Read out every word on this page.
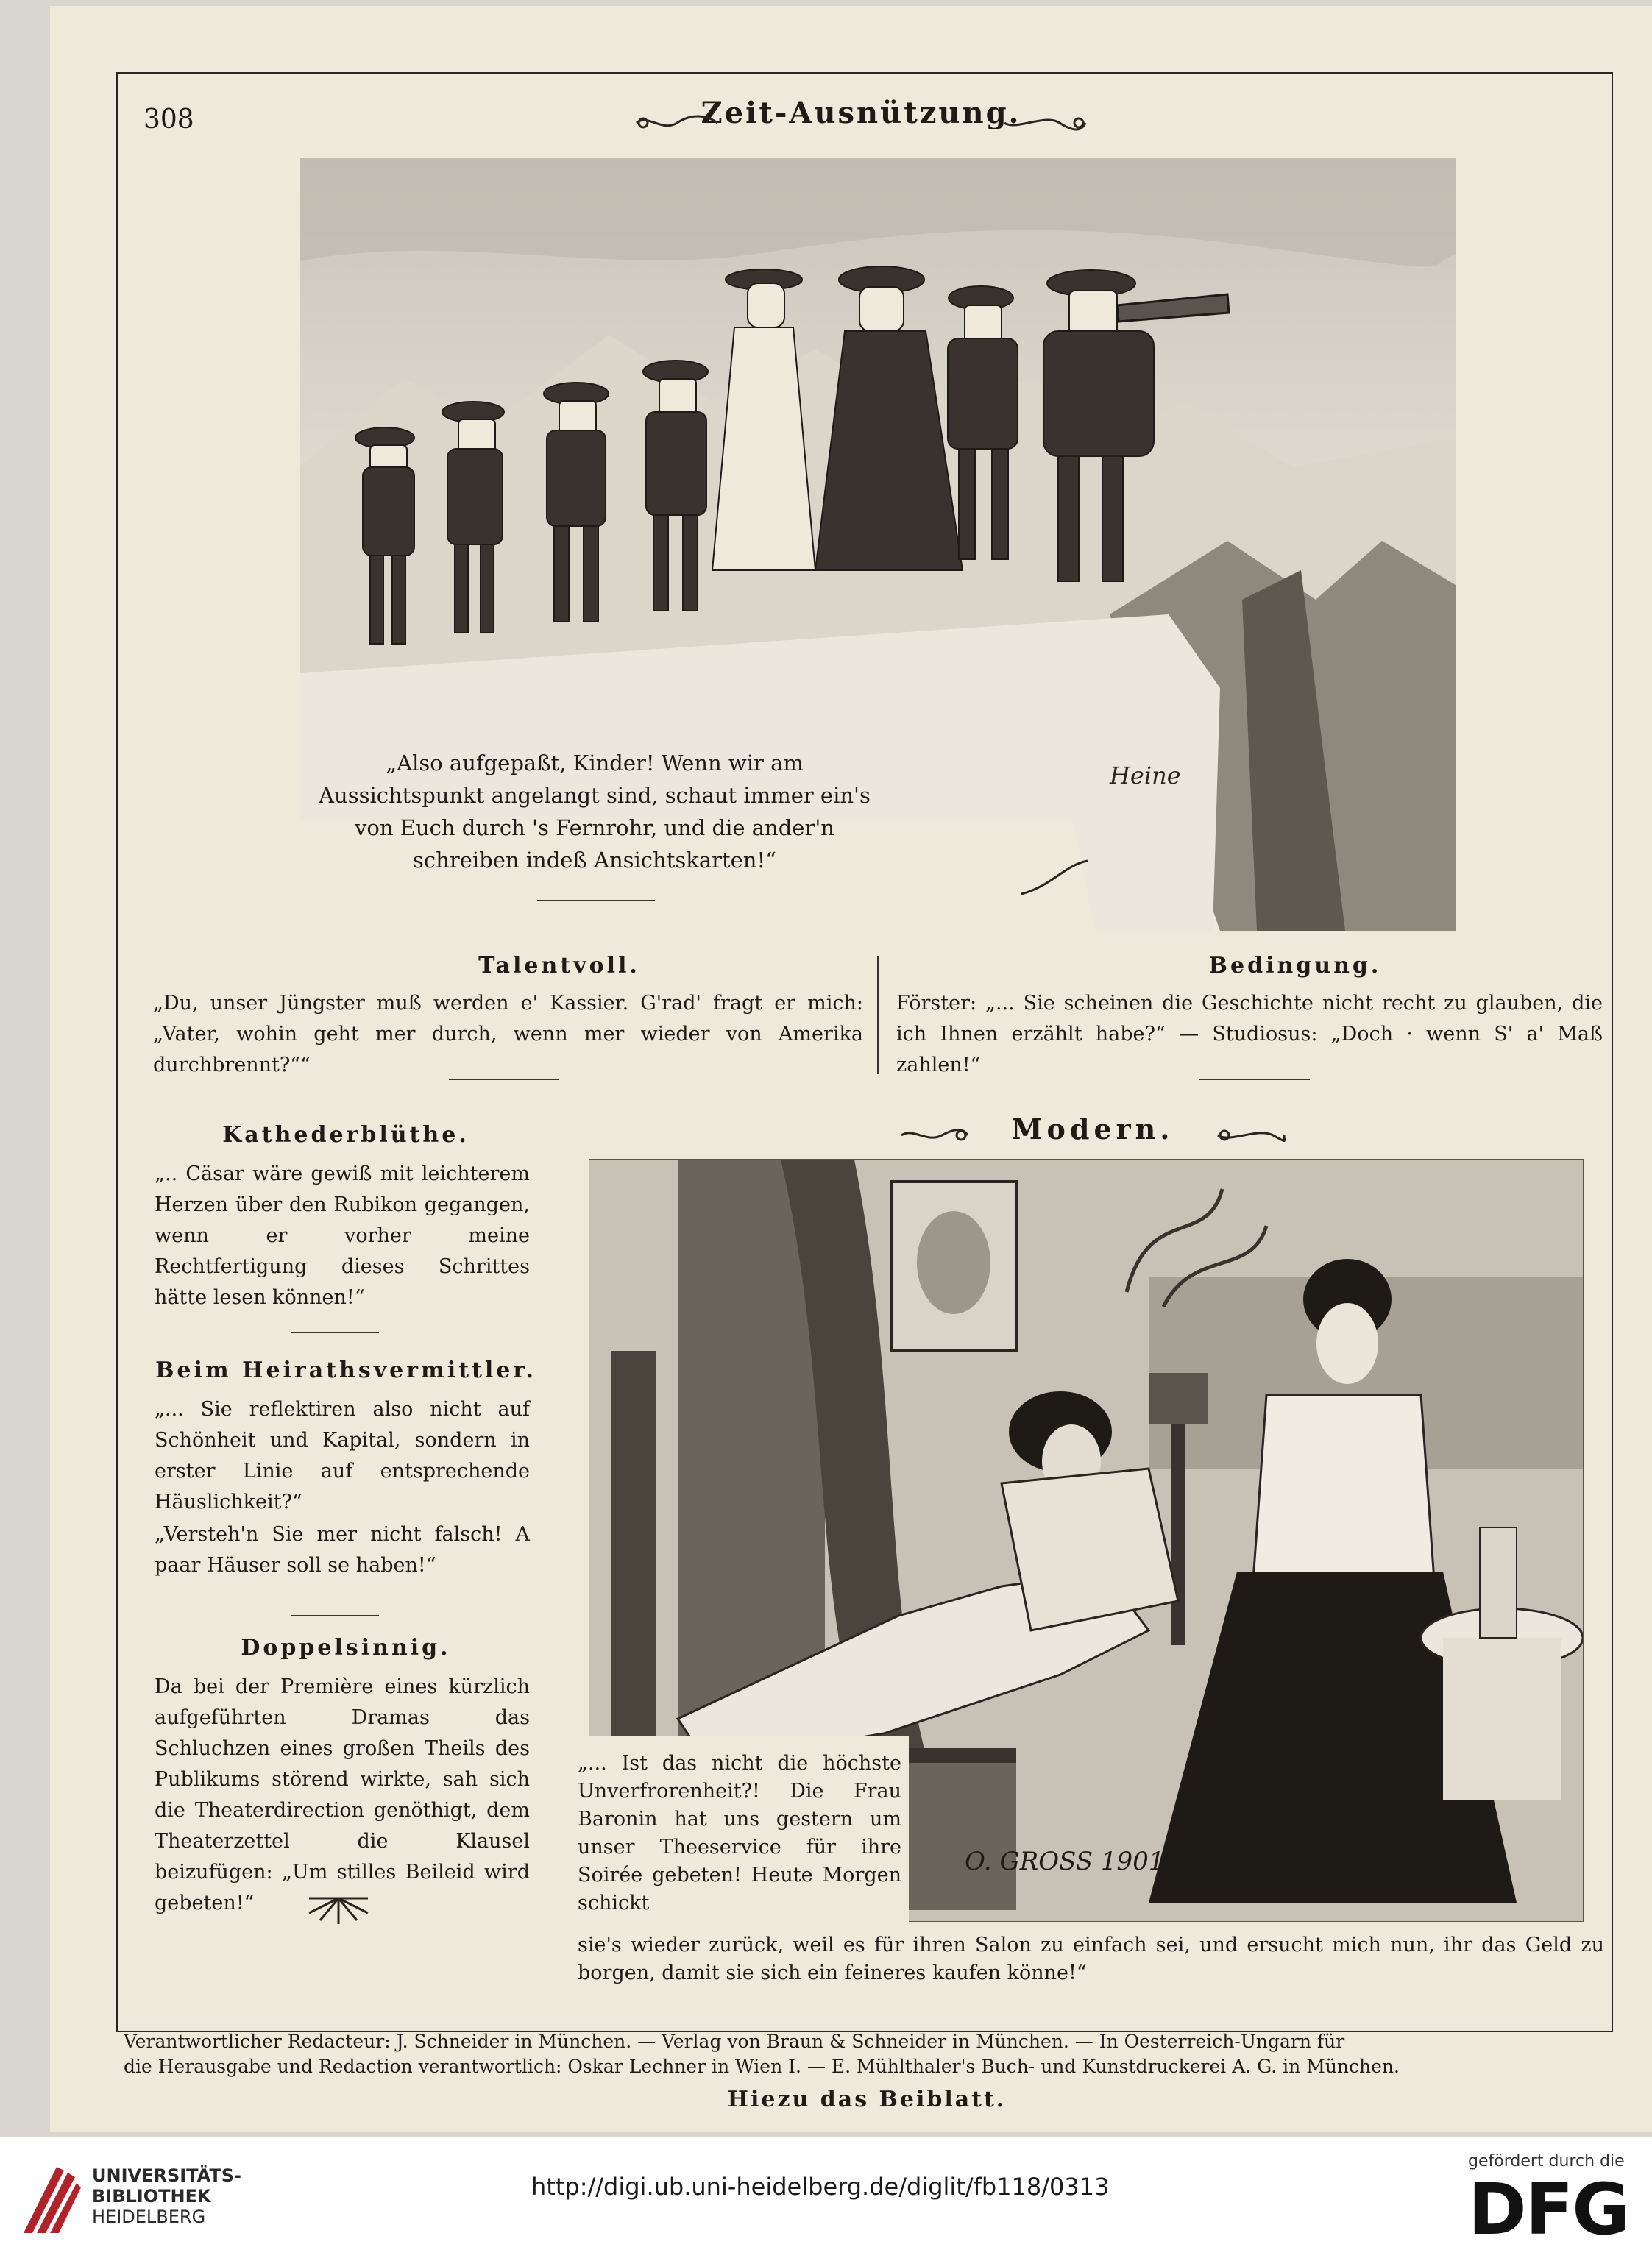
308	Zeit-Ausnützung.
Heine
„Also aufgepaßt, Kinder! Wenn wir am Aussichtspunkt angelangt sind, schaut immer ein's von Euch durch 's Fernrohr, und die ander'n schreiben indeß Ansichtskarten!“
Talentvoll.
„Du, unser Jüngster muß werden e' Kassier. G'rad' fragt er mich: „Vater, wohin geht mer durch, wenn mer wieder von Amerika durchbrennt?““
Bedingung.
Förster: „... Sie scheinen die Geschichte nicht recht zu glauben, die ich Ihnen erzählt habe?“ — Studiosus: „Doch · wenn S' a' Maß zahlen!“
Kathederblüthe.
„.. Cäsar wäre gewiß mit leichterem Herzen über den Rubikon gegangen, wenn er vorher meine Rechtfertigung dieses Schrittes hätte lesen können!“
Beim Heirathsvermittler.
„... Sie reflektiren also nicht auf Schönheit und Kapital, sondern in erster Linie auf entsprechende Häuslichkeit?“
„Versteh'n Sie mer nicht falsch! A paar Häuser soll se haben!“
Doppelsinnig.
Da bei der Première eines kürzlich aufgeführten Dramas das Schluchzen eines großen Theils des Publikums störend wirkte, sah sich die Theaterdirection genöthigt, dem Theaterzettel die Klausel beizufügen: „Um stilles Beileid wird gebeten!“
Modern.
O. GROSS 1901
„... Ist das nicht die höchste Unverfrorenheit?! Die Frau Baronin hat uns gestern um unser Theeservice für ihre Soirée gebeten! Heute Morgen schickt
sie's wieder zurück, weil es für ihren Salon zu einfach sei, und ersucht mich nun, ihr das Geld zu borgen, damit sie sich ein feineres kaufen könne!“
Verantwortlicher Redacteur: J. Schneider in München. — Verlag von Braun & Schneider in München. — In Oesterreich-Ungarn für
die Herausgabe und Redaction verantwortlich: Oskar Lechner in Wien I. — E. Mühlthaler's Buch- und Kunstdruckerei A. G. in München.
Hiezu das Beiblatt.
UNIVERSITÄTS-
BIBLIOTHEK
HEIDELBERG
http://digi.ub.uni-heidelberg.de/diglit/fb118/0313
gefördert durch die
DFG
